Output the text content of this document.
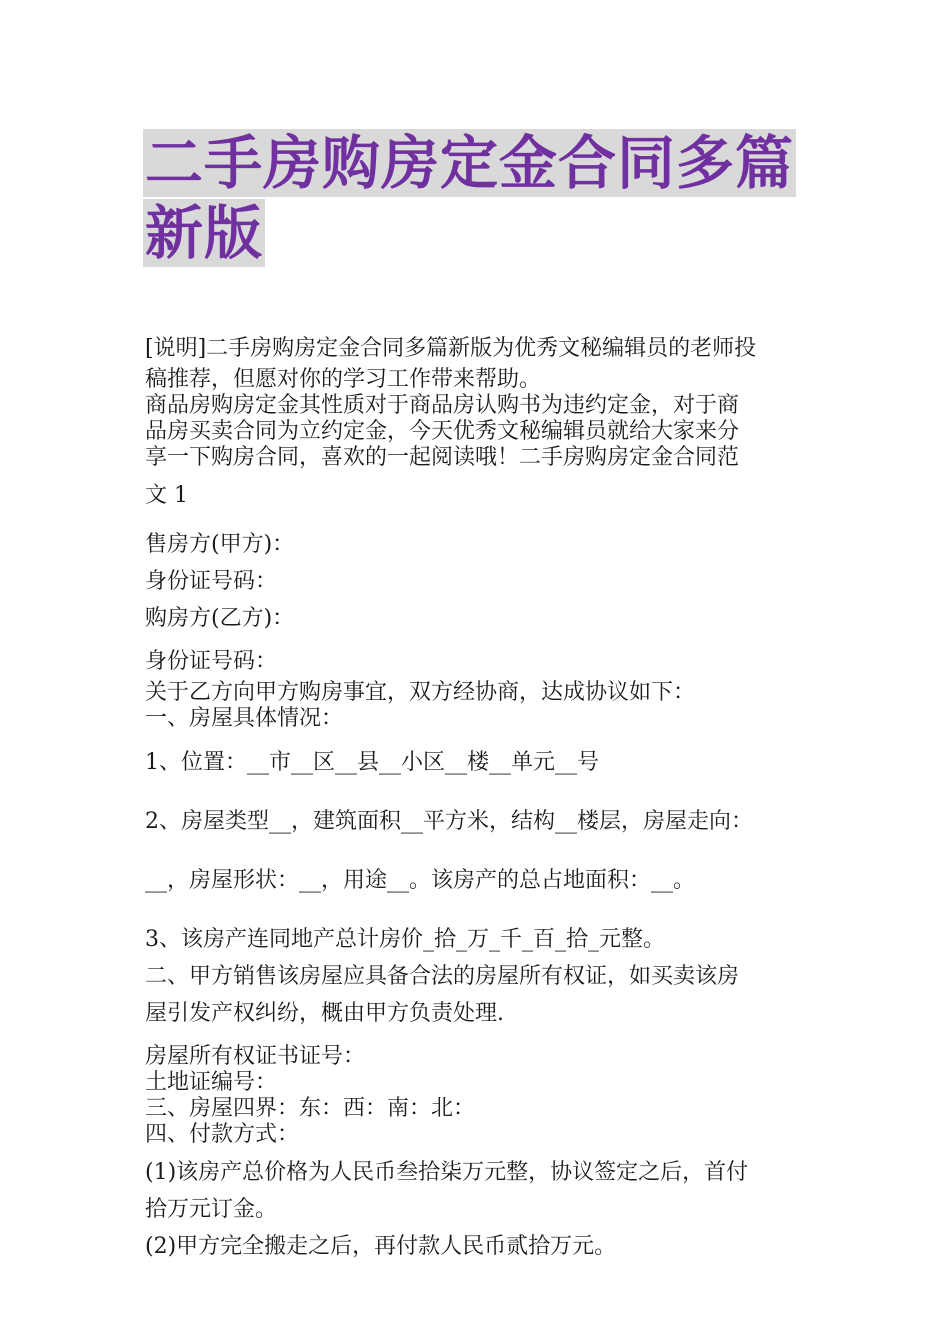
二手房购房定金合同多篇
新版

[说明]二手房购房定金合同多篇新版为优秀文秘编辑员的老师投

稿推荐，但愿对你的学习工作带来帮助。

商品房购房定金其性质对于商品房认购书为违约定金，对于商

品房买卖合同为立约定金，今天优秀文秘编辑员就给大家来分

享一下购房合同，喜欢的一起阅读哦！二手房购房定金合同范

文 1

售房方(甲方)：

身份证号码：

购房方(乙方)：

身份证号码：

关于乙方向甲方购房事宜，双方经协商，达成协议如下：

一、房屋具体情况：

1、位置：__市__区__县__小区__楼__单元__号

2、房屋类型__，建筑面积__平方米，结构__楼层，房屋走向：

__，房屋形状：__，用途__。该房产的总占地面积：__。

3、该房产连同地产总计房价_拾_万_千_百_拾_元整。

二、甲方销售该房屋应具备合法的房屋所有权证，如买卖该房

屋引发产权纠纷，概由甲方负责处理.

房屋所有权证书证号：

土地证编号：

三、房屋四界：东：西：南：北：

四、付款方式：

(1)该房产总价格为人民币叁拾柒万元整，协议签定之后，首付

拾万元订金。

(2)甲方完全搬走之后，再付款人民币贰拾万元。
